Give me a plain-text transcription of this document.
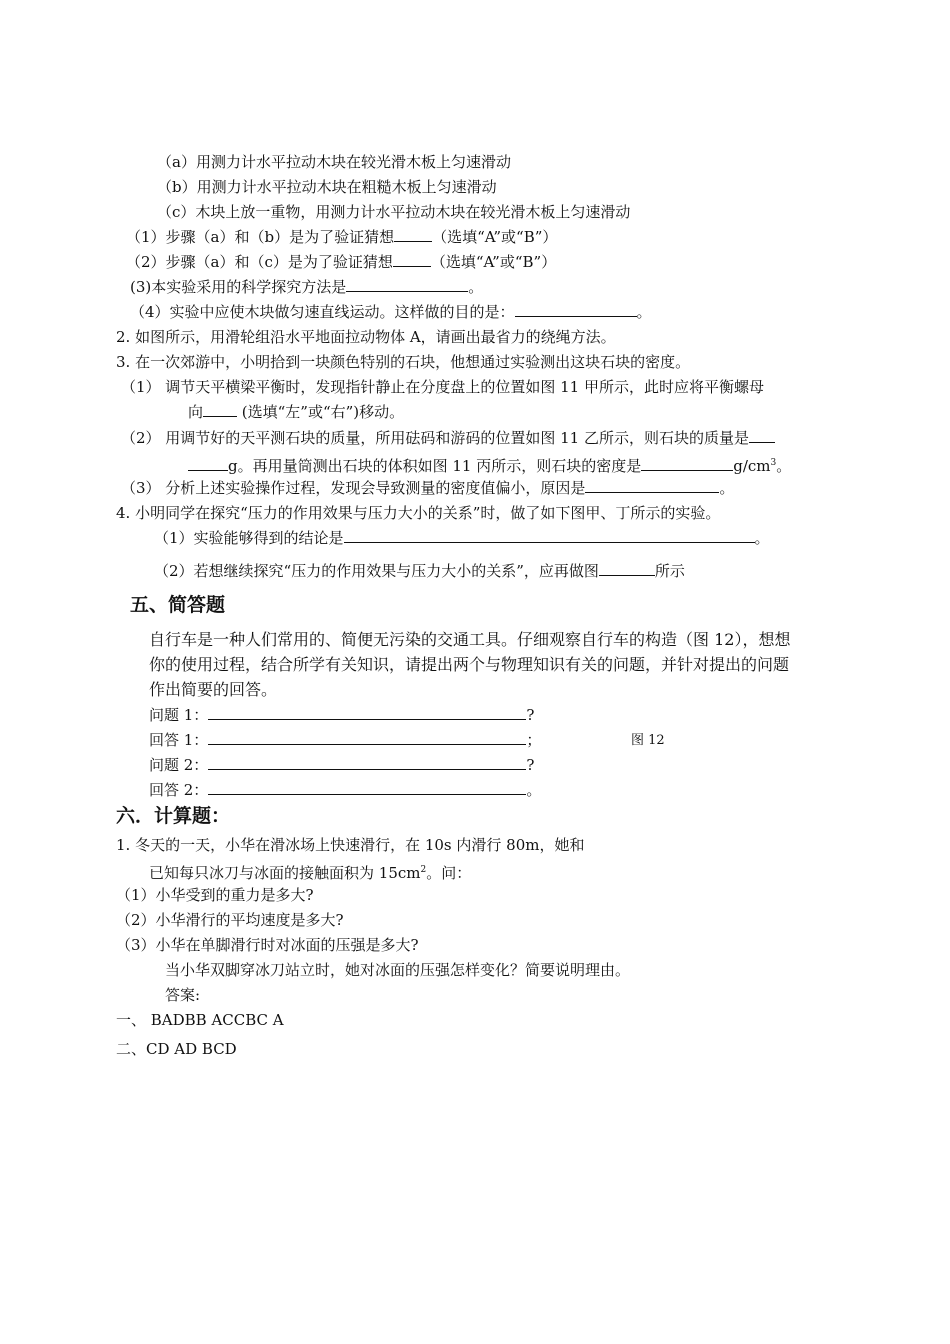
（a）用测力计水平拉动木块在较光滑木板上匀速滑动
（b）用测力计水平拉动木块在粗糙木板上匀速滑动
（c）木块上放一重物，用测力计水平拉动木块在较光滑木板上匀速滑动
（1）步骤（a）和（b）是为了验证猜想	（选填“A”或“B”）
（2）步骤（a）和（c）是为了验证猜想	（选填“A”或“B”）
(3)本实验采用的科学探究方法是	。
（4）实验中应使木块做匀速直线运动。这样做的目的是：	。
2. 如图所示，用滑轮组沿水平地面拉动物体 A，请画出最省力的绕绳方法。
3. 在一次郊游中，小明拾到一块颜色特别的石块，他想通过实验测出这块石块的密度。
（1） 调节天平横梁平衡时，发现指针静止在分度盘上的位置如图 11 甲所示，此时应将平衡螺母
向 (选填“左”或“右”)移动。
（2） 用调节好的天平测石块的质量，所用砝码和游码的位置如图 11 乙所示，则石块的质量是
g。再用量筒测出石块的体积如图 11 丙所示，则石块的密度是	$g/cm^3$。
（3） 分析上述实验操作过程，发现会导致测量的密度值偏小，原因是	。
4. 小明同学在探究“压力的作用效果与压力大小的关系”时，做了如下图甲、丁所示的实验。
（1）实验能够得到的结论是	。
（2）若想继续探究“压力的作用效果与压力大小的关系”，应再做图	所示
五、简答题
自行车是一种人们常用的、简便无污染的交通工具。仔细观察自行车的构造（图 12），想想
你的使用过程，结合所学有关知识，请提出两个与物理知识有关的问题，并针对提出的问题
作出简要的回答。
问题 1：	?
回答 1：	；	图 12
问题 2：	?
回答 2：	。
六．计算题：
1. 冬天的一天，小华在滑冰场上快速滑行，在 10s 内滑行 80m，她和
已知每只冰刀与冰面的接触面积为 $15cm^2$。问：
（1）小华受到的重力是多大?
（2）小华滑行的平均速度是多大?
（3）小华在单脚滑行时对冰面的压强是多大?
当小华双脚穿冰刀站立时，她对冰面的压强怎样变化？简要说明理由。
答案:
一、 BADBB ACCBC A
二、CD AD BCD
